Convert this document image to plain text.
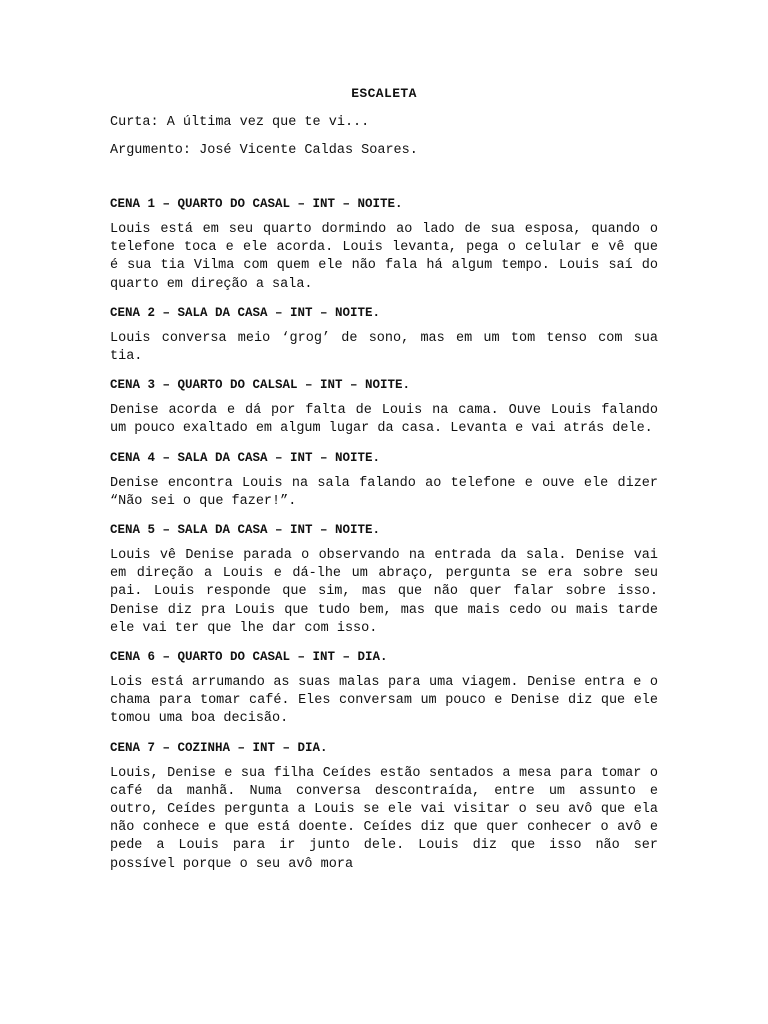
ESCALETA
Curta: A última vez que te vi...
Argumento: José Vicente Caldas Soares.
CENA 1 – QUARTO DO CASAL – INT – NOITE.
Louis está em seu quarto dormindo ao lado de sua esposa, quando o telefone toca e ele acorda. Louis levanta, pega o celular e vê que é sua tia Vilma com quem ele não fala há algum tempo. Louis saí do quarto em direção a sala.
CENA 2 – SALA DA CASA – INT – NOITE.
Louis conversa meio ‘grog’ de sono, mas em um tom tenso com sua tia.
CENA 3 – QUARTO DO CALSAL – INT – NOITE.
Denise acorda e dá por falta de Louis na cama. Ouve Louis falando um pouco exaltado em algum lugar da casa. Levanta e vai atrás dele.
CENA 4 – SALA DA CASA – INT – NOITE.
Denise encontra Louis na sala falando ao telefone e ouve ele dizer “Não sei o que fazer!”.
CENA 5 – SALA DA CASA – INT – NOITE.
Louis vê Denise parada o observando na entrada da sala. Denise vai em direção a Louis e dá-lhe um abraço, pergunta se era sobre seu pai. Louis responde que sim, mas que não quer falar sobre isso. Denise diz pra Louis que tudo bem, mas que mais cedo ou mais tarde ele vai ter que lhe dar com isso.
CENA 6 – QUARTO DO CASAL – INT – DIA.
Lois está arrumando as suas malas para uma viagem. Denise entra e o chama para tomar café. Eles conversam um pouco e Denise diz que ele tomou uma boa decisão.
CENA 7 – COZINHA – INT – DIA.
Louis, Denise e sua filha Ceídes estão sentados a mesa para tomar o café da manhã. Numa conversa descontraída, entre um assunto e outro, Ceídes pergunta a Louis se ele vai visitar o seu avô que ela não conhece e que está doente. Ceídes diz que quer conhecer o avô e pede a Louis para ir junto dele. Louis diz que isso não ser possível porque o seu avô mora
